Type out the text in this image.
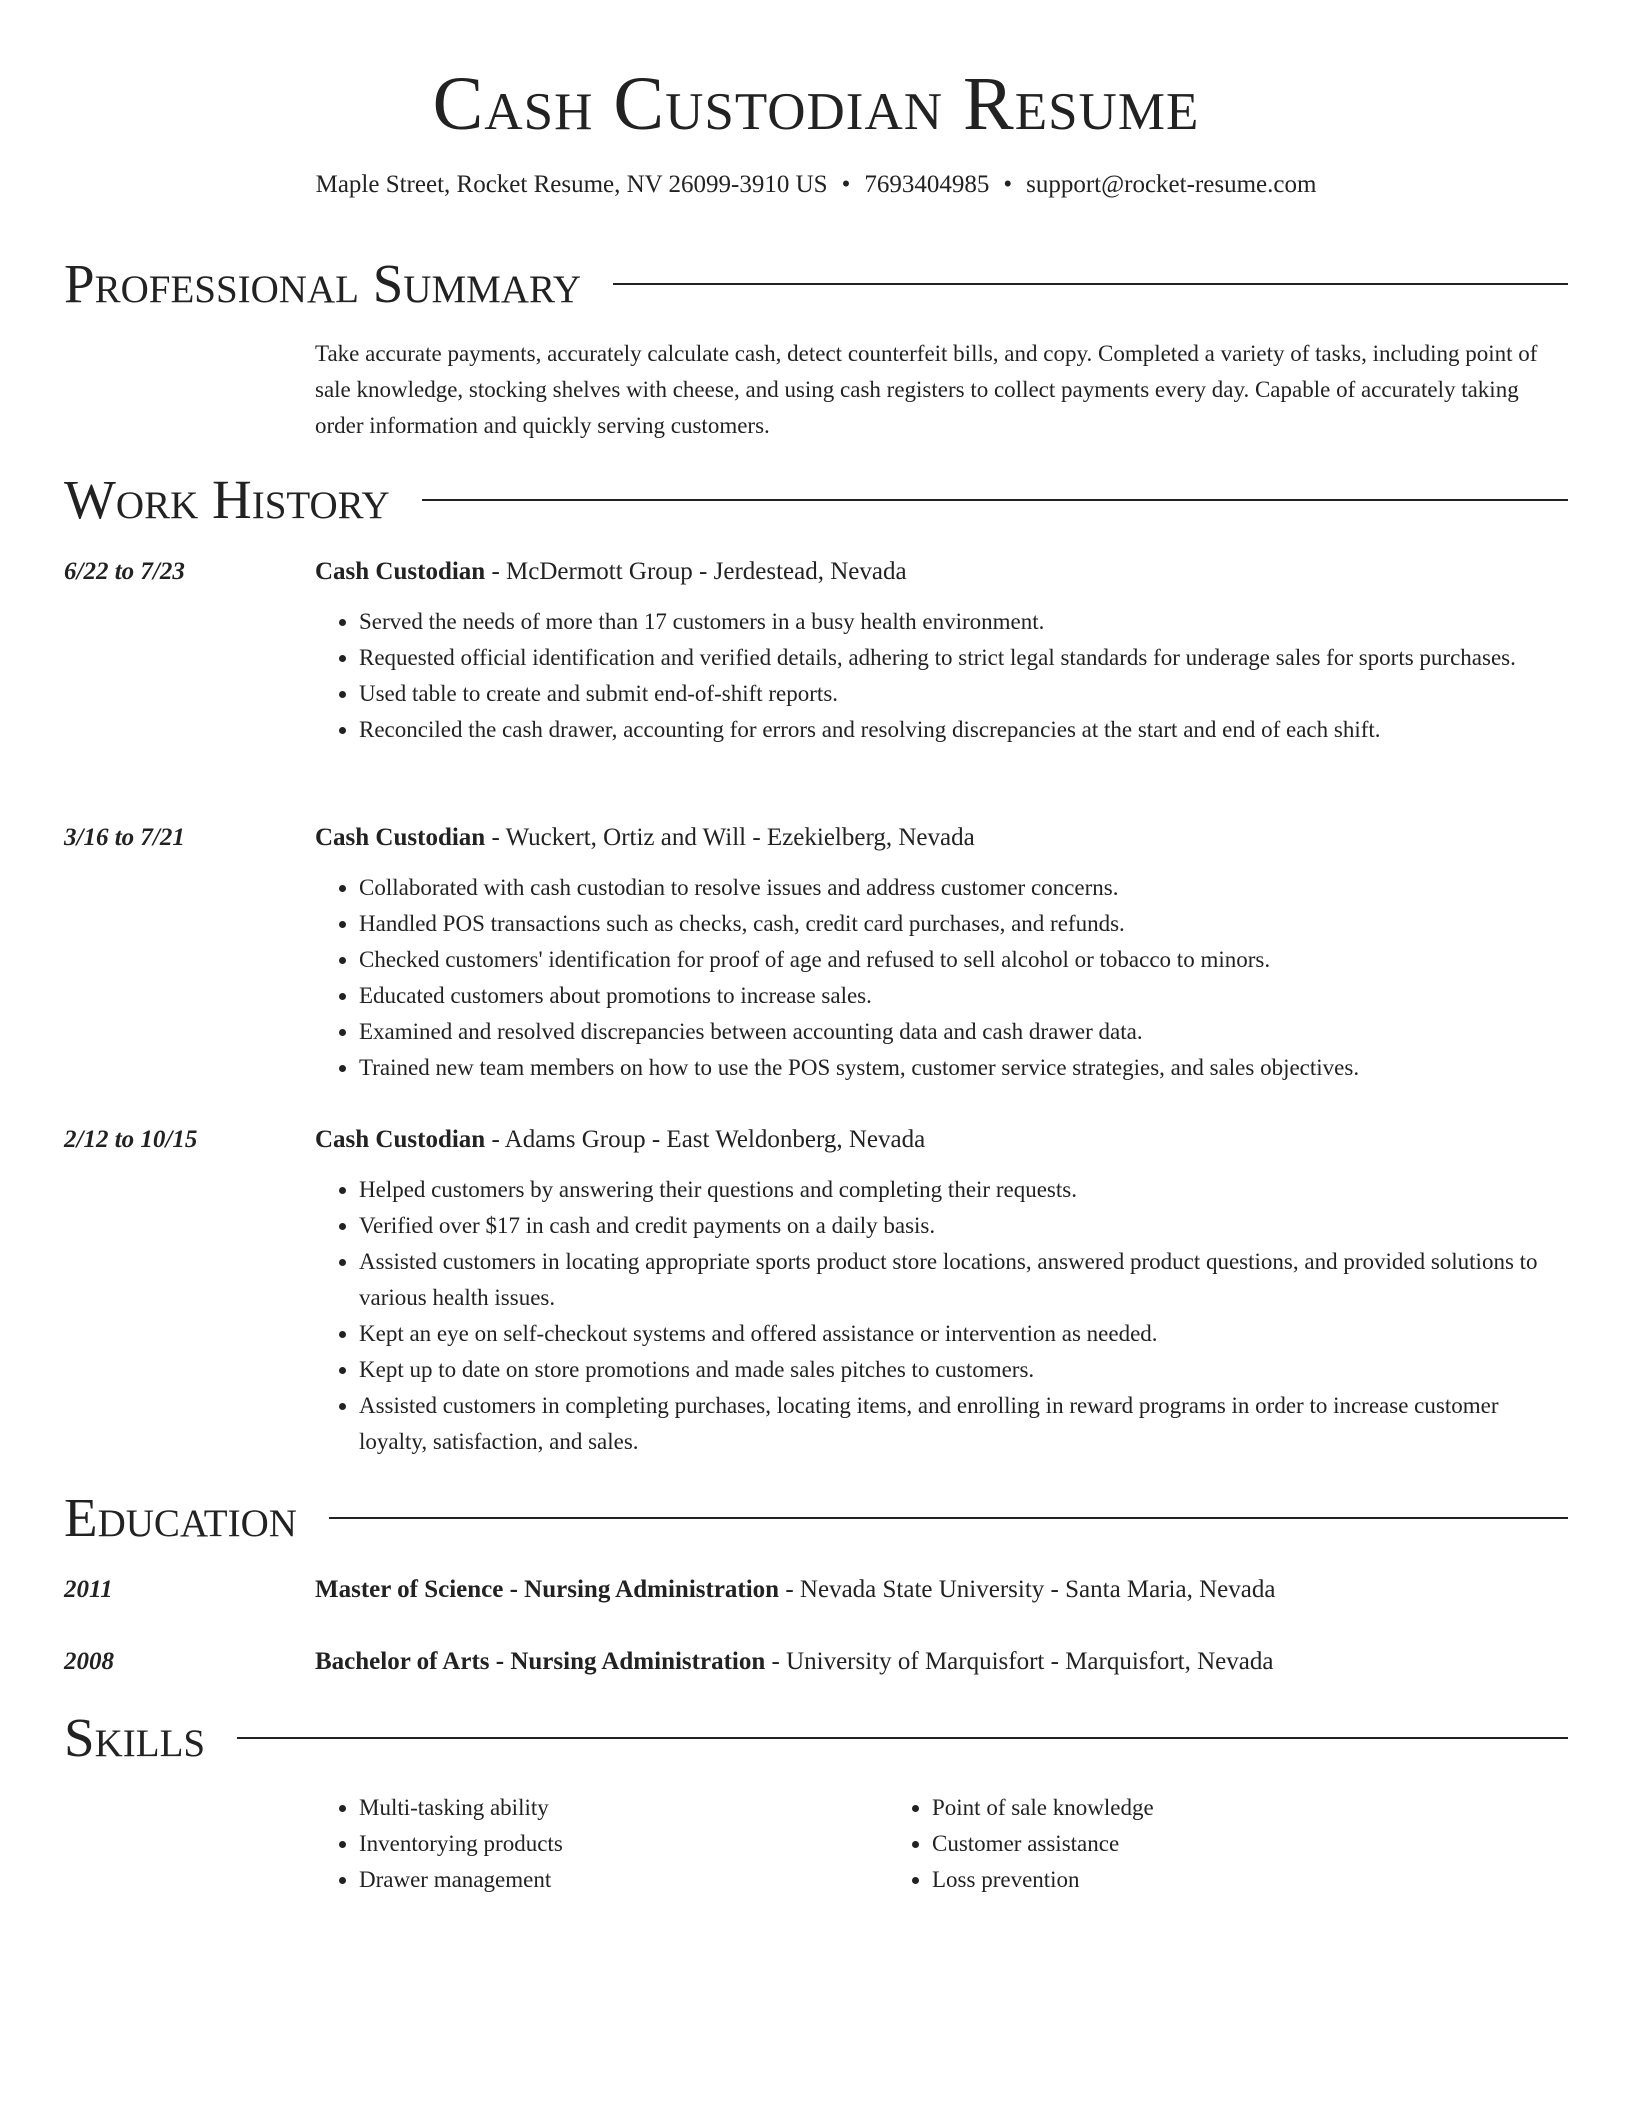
Cash Custodian Resume
Maple Street, Rocket Resume, NV 26099-3910 US • 7693404985 • support@rocket-resume.com
Professional Summary
Take accurate payments, accurately calculate cash, detect counterfeit bills, and copy. Completed a variety of tasks, including point of sale knowledge, stocking shelves with cheese, and using cash registers to collect payments every day. Capable of accurately taking order information and quickly serving customers.
Work History
6/22 to 7/23	Cash Custodian - McDermott Group - Jerdestead, Nevada
• Served the needs of more than 17 customers in a busy health environment.
• Requested official identification and verified details, adhering to strict legal standards for underage sales for sports purchases.
• Used table to create and submit end-of-shift reports.
• Reconciled the cash drawer, accounting for errors and resolving discrepancies at the start and end of each shift.
3/16 to 7/21	Cash Custodian - Wuckert, Ortiz and Will - Ezekielberg, Nevada
• Collaborated with cash custodian to resolve issues and address customer concerns.
• Handled POS transactions such as checks, cash, credit card purchases, and refunds.
• Checked customers' identification for proof of age and refused to sell alcohol or tobacco to minors.
• Educated customers about promotions to increase sales.
• Examined and resolved discrepancies between accounting data and cash drawer data.
• Trained new team members on how to use the POS system, customer service strategies, and sales objectives.
2/12 to 10/15	Cash Custodian - Adams Group - East Weldonberg, Nevada
• Helped customers by answering their questions and completing their requests.
• Verified over $17 in cash and credit payments on a daily basis.
• Assisted customers in locating appropriate sports product store locations, answered product questions, and provided solutions to various health issues.
• Kept an eye on self-checkout systems and offered assistance or intervention as needed.
• Kept up to date on store promotions and made sales pitches to customers.
• Assisted customers in completing purchases, locating items, and enrolling in reward programs in order to increase customer loyalty, satisfaction, and sales.
Education
2011	Master of Science - Nursing Administration - Nevada State University - Santa Maria, Nevada
2008	Bachelor of Arts - Nursing Administration - University of Marquisfort - Marquisfort, Nevada
Skills
• Multi-tasking ability
• Inventorying products
• Drawer management
• Point of sale knowledge
• Customer assistance
• Loss prevention
